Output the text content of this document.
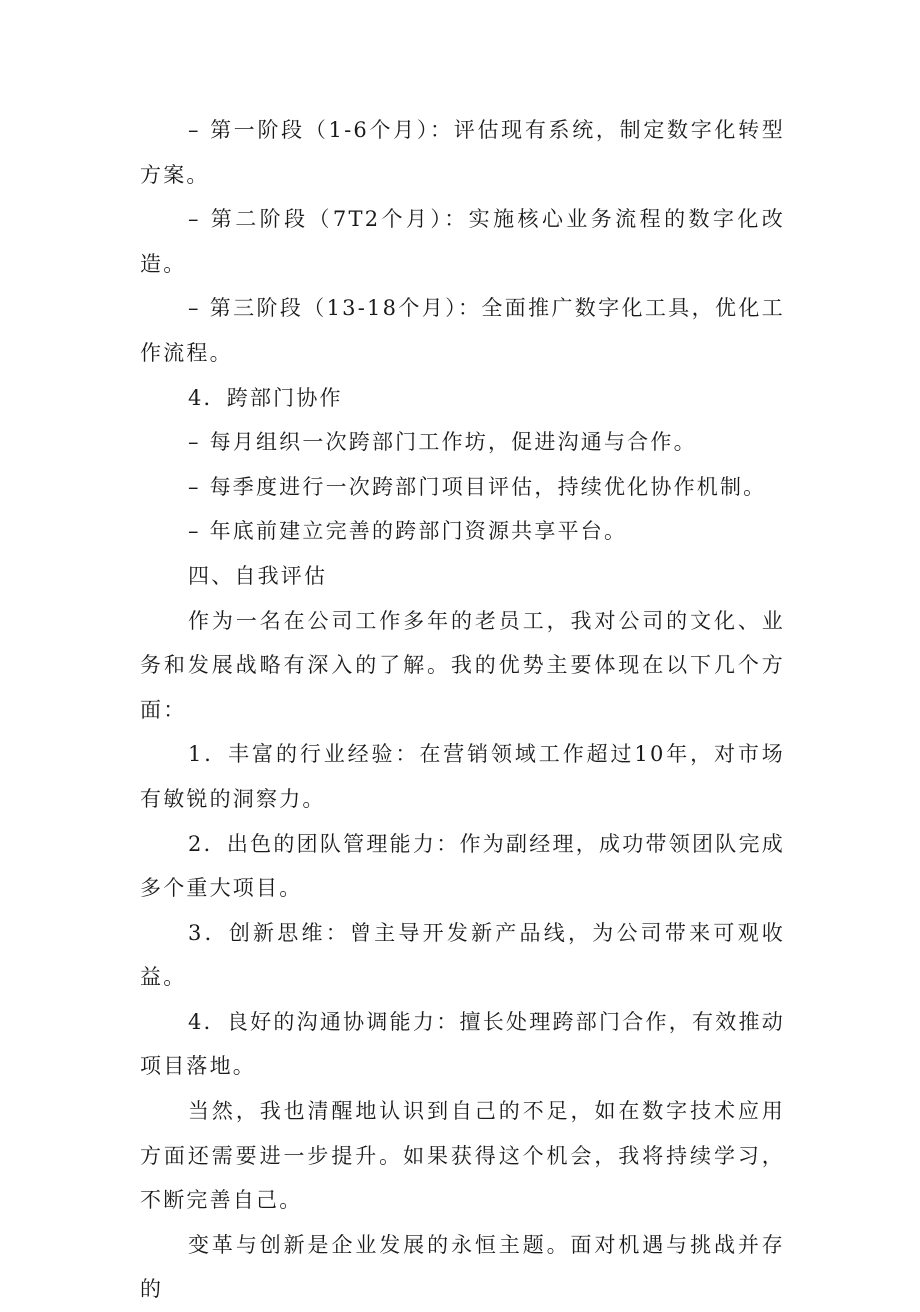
– 第一阶段（1-6个月）：评估现有系统，制定数字化转型方案。

– 第二阶段（7T2个月）：实施核心业务流程的数字化改造。

– 第三阶段（13-18个月）：全面推广数字化工具，优化工作流程。

4．跨部门协作

– 每月组织一次跨部门工作坊，促进沟通与合作。

– 每季度进行一次跨部门项目评估，持续优化协作机制。

– 年底前建立完善的跨部门资源共享平台。

四、自我评估

作为一名在公司工作多年的老员工，我对公司的文化、业务和发展战略有深入的了解。我的优势主要体现在以下几个方面：

1．丰富的行业经验：在营销领域工作超过10年，对市场有敏锐的洞察力。

2．出色的团队管理能力：作为副经理，成功带领团队完成多个重大项目。

3．创新思维：曾主导开发新产品线，为公司带来可观收益。

4．良好的沟通协调能力：擅长处理跨部门合作，有效推动项目落地。

当然，我也清醒地认识到自己的不足，如在数字技术应用方面还需要进一步提升。如果获得这个机会，我将持续学习，不断完善自己。

变革与创新是企业发展的永恒主题。面对机遇与挑战并存的
